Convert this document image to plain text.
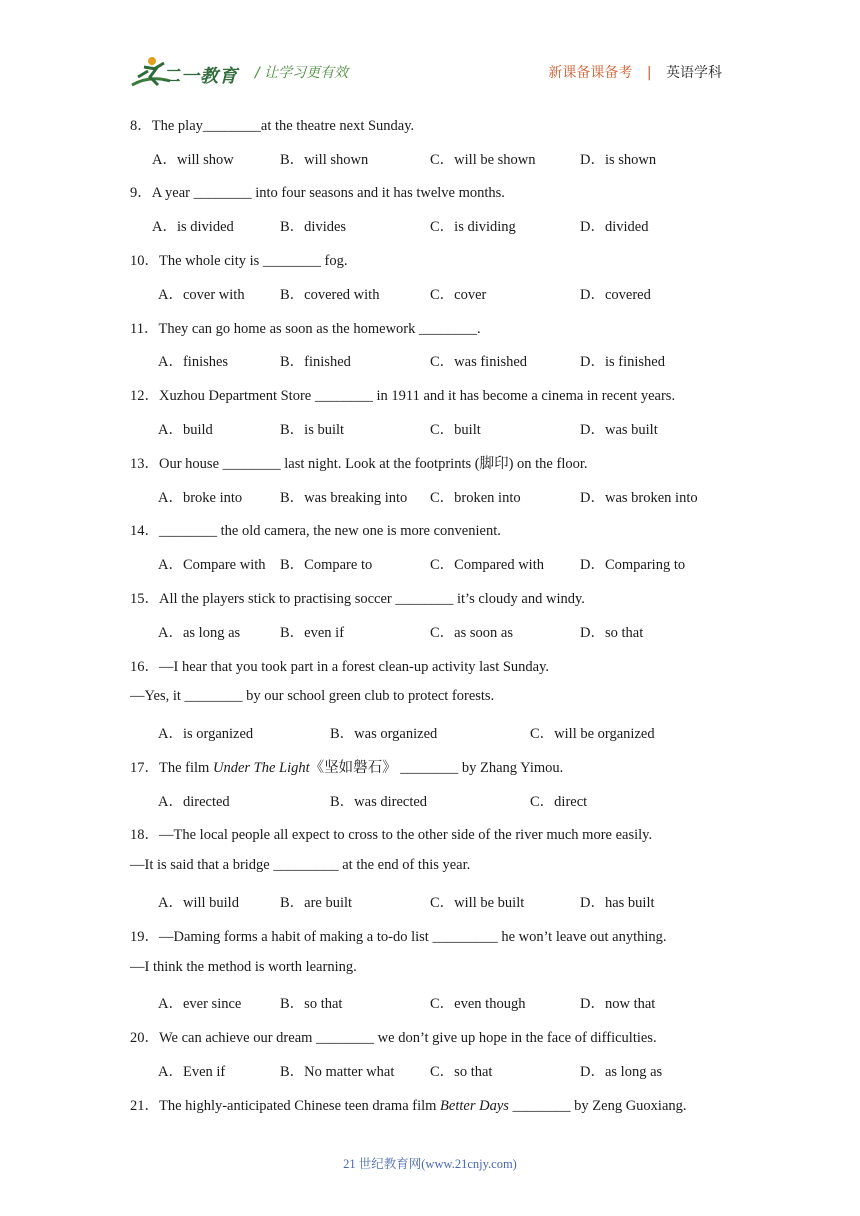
二一教育 / 让学习更有效	新课备课备考 | 英语学科
8．The play________at the theatre next Sunday.
A．will show	B．will shown	C．will be shown	D．is shown
9．A year ________ into four seasons and it has twelve months.
A．is divided	B．divides	C．is dividing	D．divided
10．The whole city is ________ fog.
A．cover with B．covered with	C．cover	D．covered
11．They can go home as soon as the homework ________.
A．finishes	B．finished	C．was finished	D．is finished
12．Xuzhou Department Store ________ in 1911 and it has become a cinema in recent years.
A．build	B．is built	C．built	D．was built
13．Our house ________ last night. Look at the footprints (脚印) on the floor.
A．broke into	B．was breaking into C．broken into	D．was broken into
14．________ the old camera, the new one is more convenient.
A．Compare with B．Compare to	C．Compared with D．Comparing to
15．All the players stick to practising soccer ________ it’s cloudy and windy.
A．as long as	B．even if	C．as soon as	D．so that
16．—I hear that you took part in a forest clean-up activity last Sunday.
—Yes, it ________ by our school green club to protect forests.
A．is organized	B．was organized	C．will be organized
17．The film Under The Light《坚如磐石》 ________ by Zhang Yimou.
A．directed	B．was directed	C．direct
18．—The local people all expect to cross to the other side of the river much more easily.
—It is said that a bridge _________ at the end of this year.
A．will build	B．are built	C．will be built	D．has built
19．—Daming forms a habit of making a to-do list _________ he won’t leave out anything.
—I think the method is worth learning.
A．ever since	B．so that	C．even though	D．now that
20．We can achieve our dream ________ we don’t give up hope in the face of difficulties.
A．Even if	B．No matter what C．so that	D．as long as
21．The highly-anticipated Chinese teen drama film Better Days ________ by Zeng Guoxiang.
21 世纪教育网(www.21cnjy.com)
